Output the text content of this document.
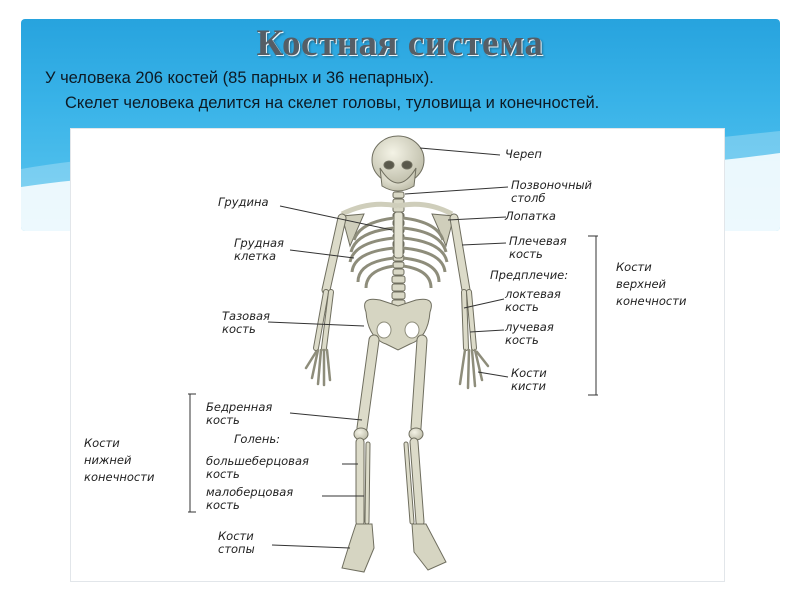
Костная система
У человека 206 костей (85 парных и 36 непарных).
Скелет человека делится на скелет головы, туловища и конечностей.
Череп
Позвоночный
столб
Лопатка
Грудина
Грудная
клетка
Плечевая
кость
Предплечие:
локтевая
кость
лучевая
кость
Кости
кисти
Тазовая
кость
Кости
верхней
конечности
Бедренная
кость
Голень:
большеберцовая
кость
малоберцовая
кость
Кости
стопы
Кости
нижней
конечности
